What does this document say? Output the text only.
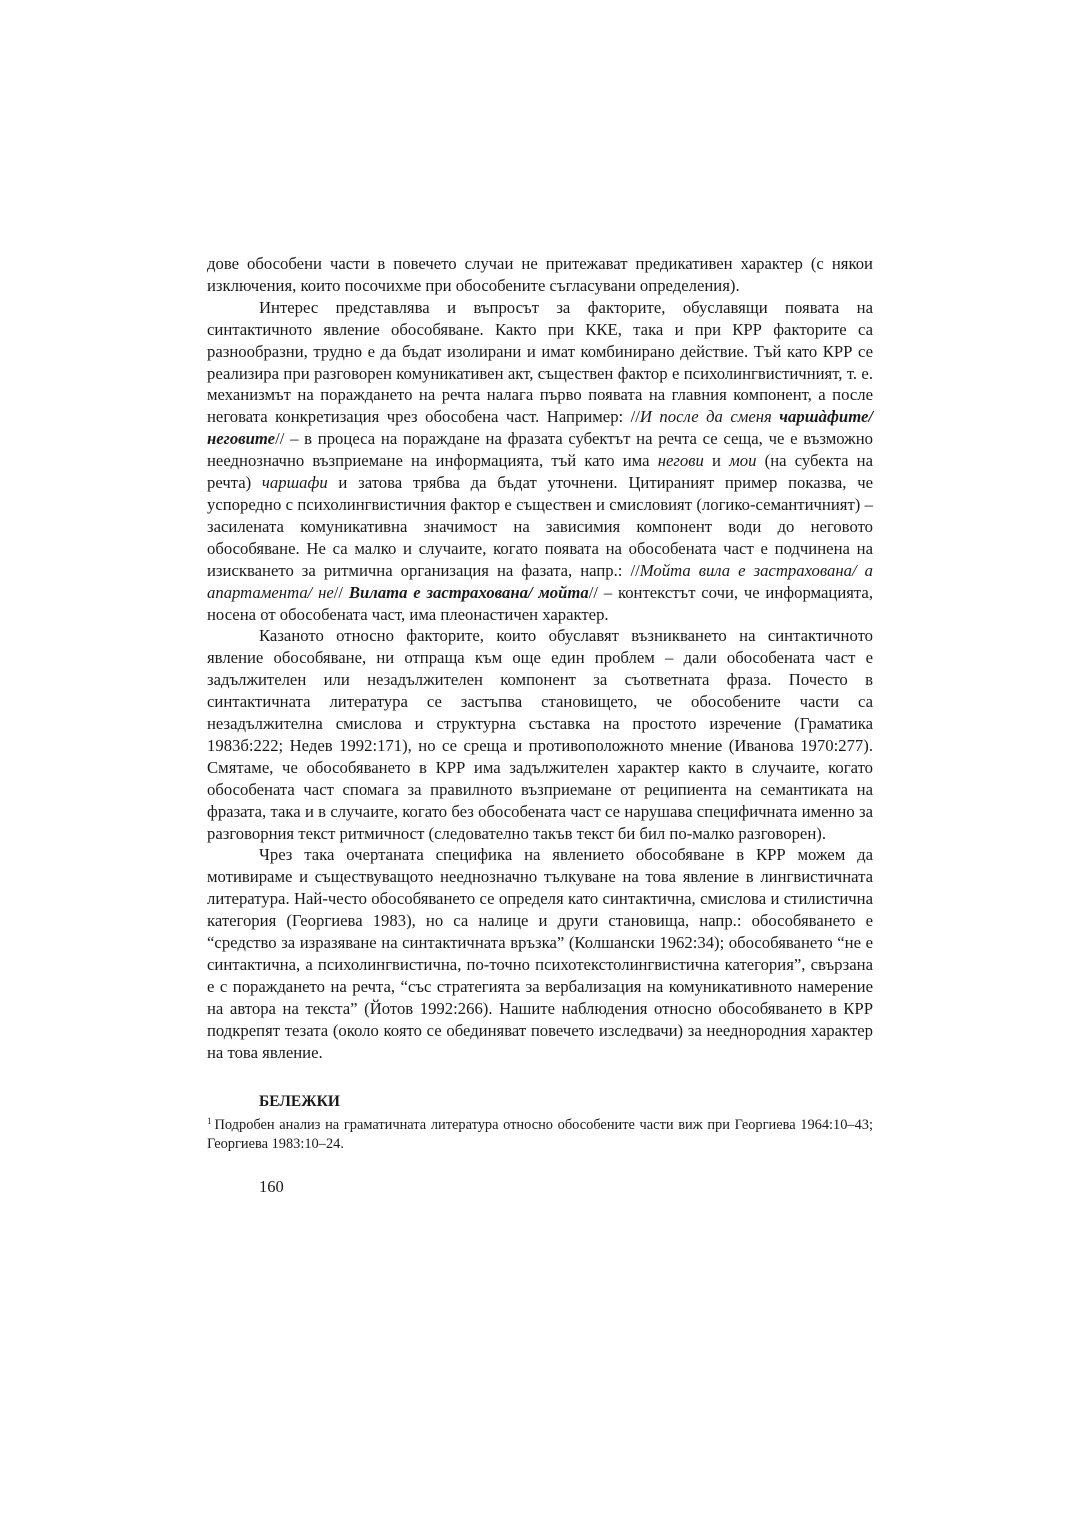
дове обособени части в повечето случаи не притежават предикативен характер (с някои изключения, които посочихме при обособените съгласувани определения).

Интерес представлява и въпросът за факторите, обуславящи появата на синтактичното явление обособяване. Както при ККЕ, така и при КРР факторите са разнообразни, трудно е да бъдат изолирани и имат комбинирано действие. Тъй като КРР се реализира при разговорен комуникативен акт, съществен фактор е психолингвистичният, т. е. механизмът на пораждането на речта налага първо появата на главния компонент, а после неговата конкретизация чрез обособена част. Например: //И после да сменя чаршàфите/ неговите// – в процеса на пораждане на фразата субектът на речта се сеща, че е възможно нееднозначно възприемане на информацията, тъй като има негови и мои (на субекта на речта) чаршафи и затова трябва да бъдат уточнени. Цитираният пример показва, че успоредно с психолингвистичния фактор е съществен и смисловият (логико-семантичният) – засилената комуникативна значимост на зависимия компонент води до неговото обособяване. Не са малко и случаите, когато появата на обособената част е подчинена на изискването за ритмична организация на фазата, напр.: //Мойта вила е застрахована/ а апартамента/ не// Вилата е застрахована/ мойта// – контекстът сочи, че информацията, носена от обособената част, има плеонастичен характер.

Казаното относно факторите, които обуславят възникването на синтактичното явление обособяване, ни отпраща към още един проблем – дали обособената част е задължителен или незадължителен компонент за съответната фраза. Почесто в синтактичната литература се застъпва становището, че обособените части са незадължителна смислова и структурна съставка на простото изречение (Граматика 1983б:222; Недев 1992:171), но се среща и противоположното мнение (Иванова 1970:277). Смятаме, че обособяването в КРР има задължителен характер както в случаите, когато обособената част спомага за правилното възприемане от реципиента на семантиката на фразата, така и в случаите, когато без обособената част се нарушава специфичната именно за разговорния текст ритмичност (следователно такъв текст би бил по-малко разговорен).

Чрез така очертаната специфика на явлението обособяване в КРР можем да мотивираме и съществуващото нееднозначно тълкуване на това явление в лингвистичната литература. Най-често обособяването се определя като синтактична, смислова и стилистична категория (Георгиева 1983), но са налице и други становища, напр.: обособяването е “средство за изразяване на синтактичната връзка” (Колшански 1962:34); обособяването “не е синтактична, а психолингвистична, по-точно психотекстолингвистична категория”, свързана е с пораждането на речта, “със стратегията за вербализация на комуникативното намерение на автора на текста” (Йотов 1992:266). Нашите наблюдения относно обособяването в КРР подкрепят тезата (около която се обединяват повечето изследвачи) за нееднородния характер на това явление.

БЕЛЕЖКИ

$^1$ Подробен анализ на граматичната литература относно обособените части виж при Георгиева 1964:10–43; Георгиева 1983:10–24.

160
